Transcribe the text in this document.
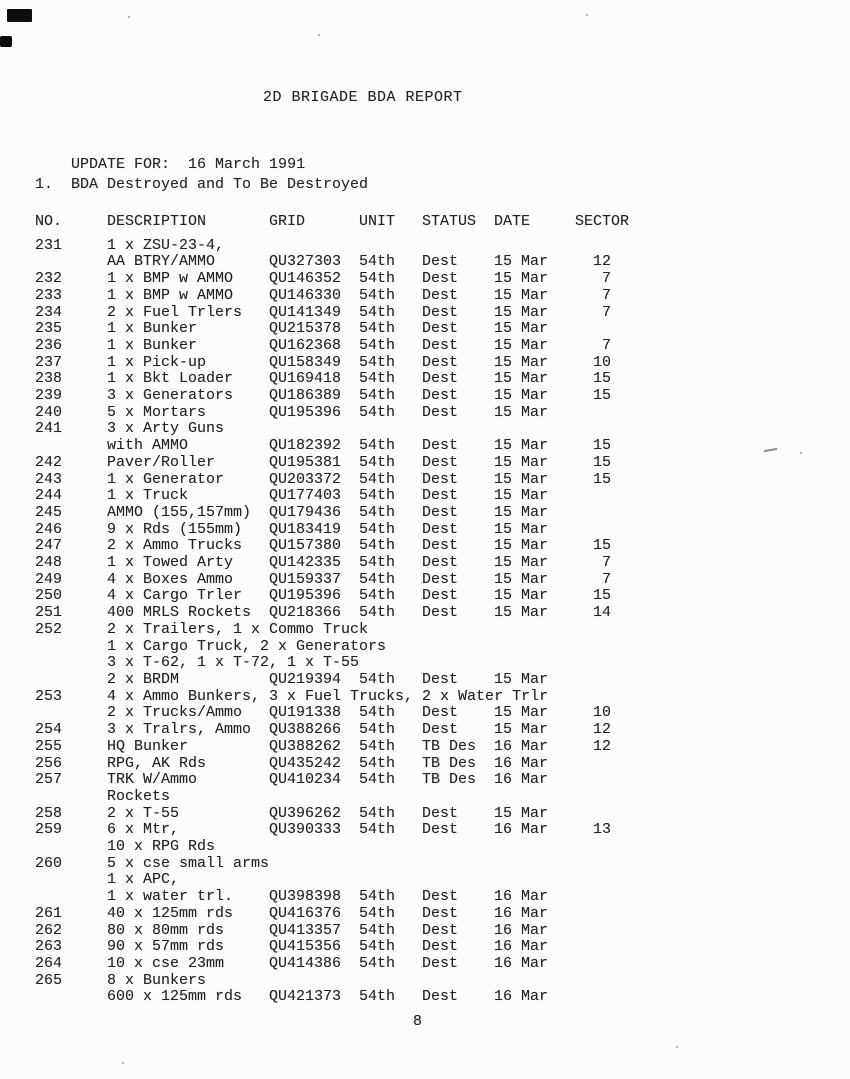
2D BRIGADE BDA REPORT

UPDATE FOR: 16 March 1991

1.  BDA Destroyed and To Be Destroyed
NO.	DESCRIPTION	GRID	UNIT	STATUS	DATE	SECTOR
231	1 x ZSU-23-4,
AA BTRY/AMMO	QU327303	54th	Dest	15 Mar	12
232	1 x BMP w AMMO	QU146352	54th	Dest	15 Mar	7
233	1 x BMP w AMMO	QU146330	54th	Dest	15 Mar	7
234	2 x Fuel Trlers	QU141349	54th	Dest	15 Mar	7
235	1 x Bunker	QU215378	54th	Dest	15 Mar
236	1 x Bunker	QU162368	54th	Dest	15 Mar	7
237	1 x Pick-up	QU158349	54th	Dest	15 Mar	10
238	1 x Bkt Loader	QU169418	54th	Dest	15 Mar	15
239	3 x Generators	QU186389	54th	Dest	15 Mar	15
240	5 x Mortars	QU195396	54th	Dest	15 Mar
241	3 x Arty Guns
with AMMO	QU182392	54th	Dest	15 Mar	15
242	Paver/Roller	QU195381	54th	Dest	15 Mar	15
243	1 x Generator	QU203372	54th	Dest	15 Mar	15
244	1 x Truck	QU177403	54th	Dest	15 Mar
245	AMMO (155,157mm)	QU179436	54th	Dest	15 Mar
246	9 x Rds (155mm)	QU183419	54th	Dest	15 Mar
247	2 x Ammo Trucks	QU157380	54th	Dest	15 Mar	15
248	1 x Towed Arty	QU142335	54th	Dest	15 Mar	7
249	4 x Boxes Ammo	QU159337	54th	Dest	15 Mar	7
250	4 x Cargo Trler	QU195396	54th	Dest	15 Mar	15
251	400 MRLS Rockets	QU218366	54th	Dest	15 Mar	14
252	2 x Trailers, 1 x Commo Truck
1 x Cargo Truck, 2 x Generators
3 x T-62, 1 x T-72, 1 x T-55
2 x BRDM	QU219394	54th	Dest	15 Mar
253	4 x Ammo Bunkers, 3 x Fuel Trucks, 2 x Water Trlr
2 x Trucks/Ammo	QU191338	54th	Dest	15 Mar	10
254	3 x Tralrs, Ammo	QU388266	54th	Dest	15 Mar	12
255	HQ Bunker	QU388262	54th	TB Des	16 Mar	12
256	RPG, AK Rds	QU435242	54th	TB Des	16 Mar
257	TRK W/Ammo	QU410234	54th	TB Des	16 Mar
Rockets
258	2 x T-55	QU396262	54th	Dest	15 Mar
259	6 x Mtr,	QU390333	54th	Dest	16 Mar	13
10 x RPG Rds
260	5 x cse small arms
1 x APC,
1 x water trl.	QU398398	54th	Dest	16 Mar
261	40 x 125mm rds	QU416376	54th	Dest	16 Mar
262	80 x 80mm rds	QU413357	54th	Dest	16 Mar
263	90 x 57mm rds	QU415356	54th	Dest	16 Mar
264	10 x cse 23mm	QU414386	54th	Dest	16 Mar
265	8 x Bunkers
600 x 125mm rds	QU421373	54th	Dest	16 Mar
8
